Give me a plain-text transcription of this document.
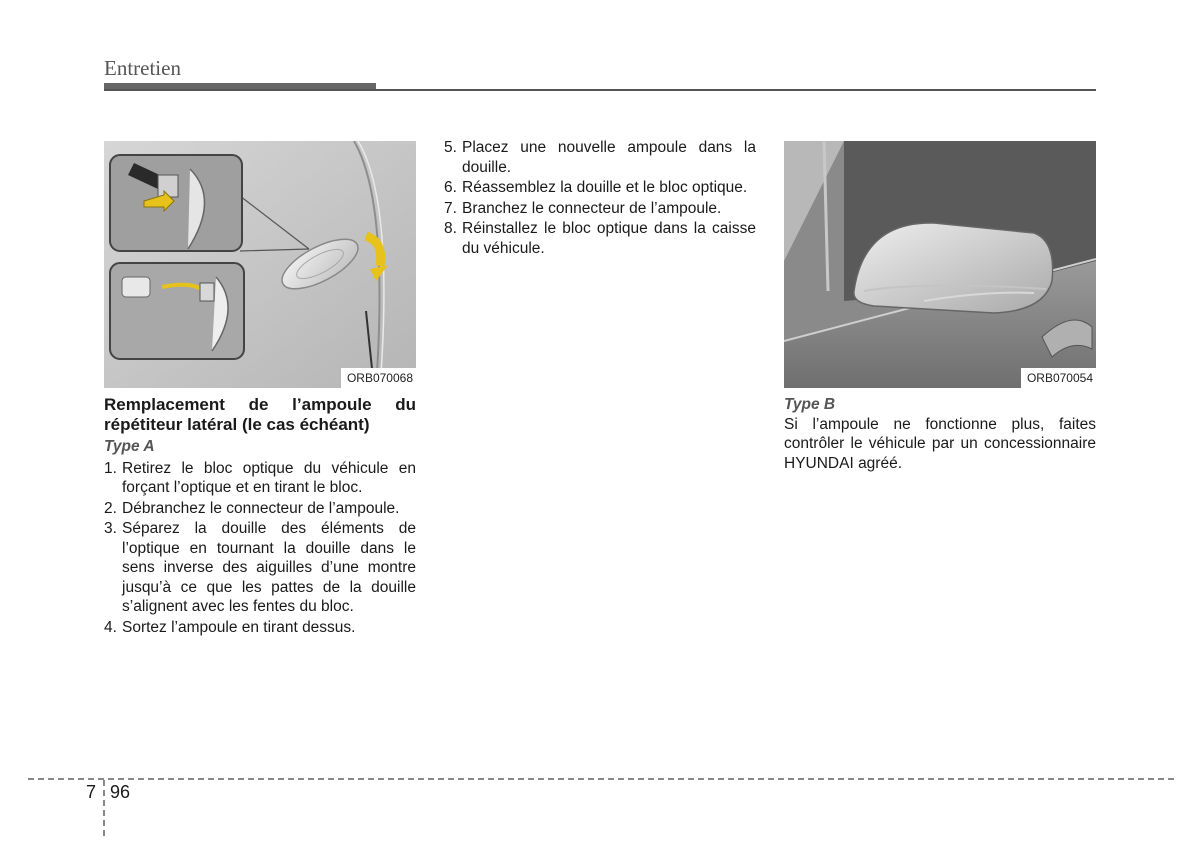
Entretien
ORB070068	ORB070054
Remplacement de l’ampoule du répétiteur latéral (le cas échéant)
Type A
1. Retirez le bloc optique du véhicule en forçant l’optique et en tirant le bloc.
2. Débranchez le connecteur de l’ampoule.
3. Séparez la douille des éléments de l’optique en tournant la douille dans le sens inverse des aiguilles d’une montre jusqu’à ce que les pattes de la douille s’alignent avec les fentes du bloc.
4. Sortez l’ampoule en tirant dessus.
5. Placez une nouvelle ampoule dans la douille.
6. Réassemblez la douille et le bloc optique.
7. Branchez le connecteur de l’ampoule.
8. Réinstallez le bloc optique dans la caisse du véhicule.
Type B
Si l’ampoule ne fonctionne plus, faites contrôler le véhicule par un concessionnaire HYUNDAI agréé.
7 96
